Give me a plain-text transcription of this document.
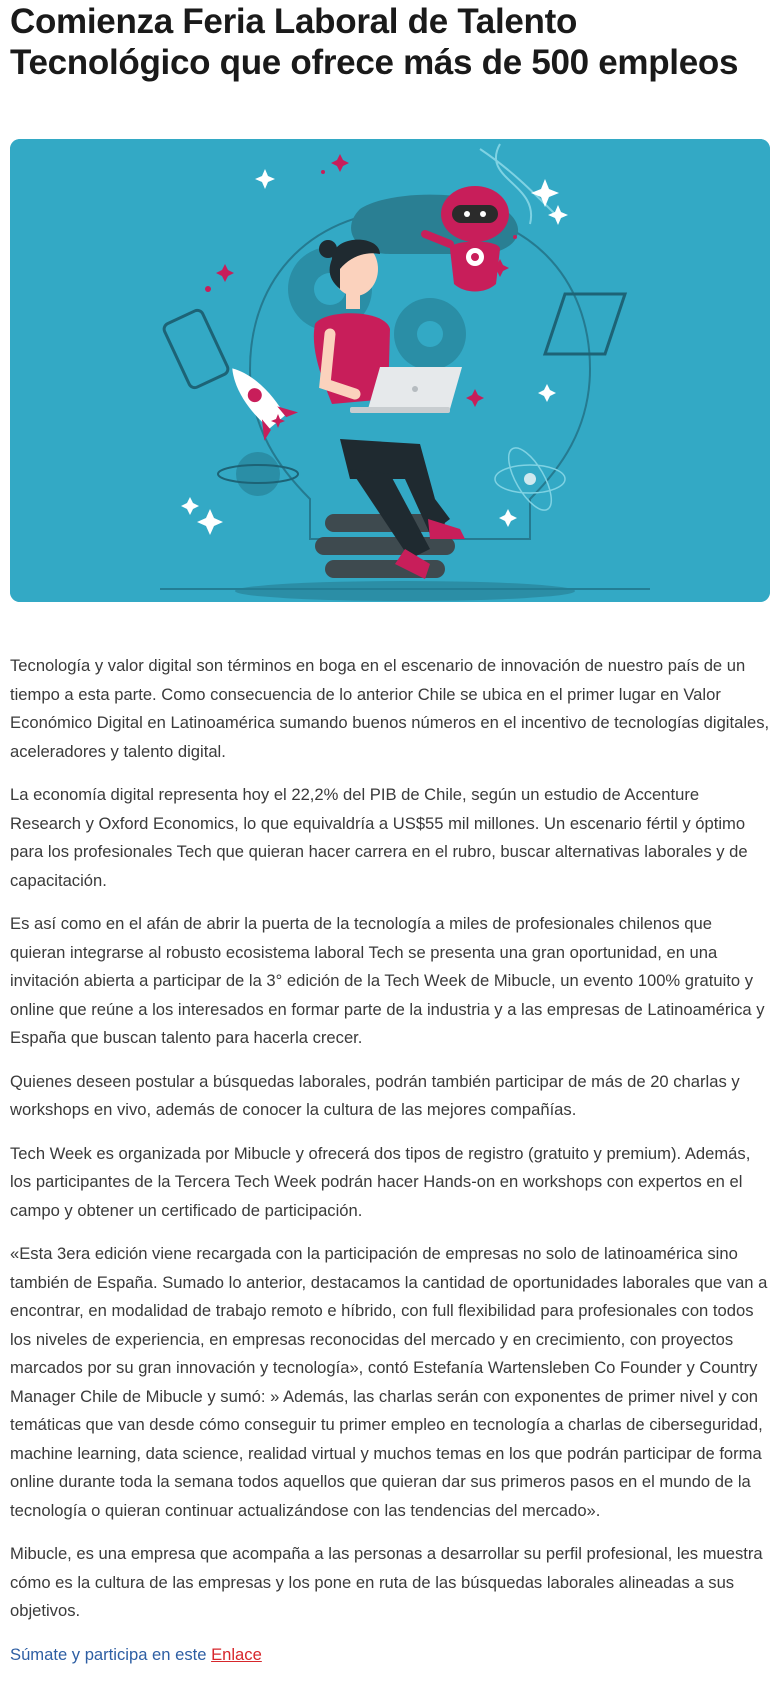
Comienza Feria Laboral de Talento Tecnológico que ofrece más de 500 empleos

Tecnología y valor digital son términos en boga en el escenario de innovación de nuestro país de un tiempo a esta parte. Como consecuencia de lo anterior Chile se ubica en el primer lugar en Valor Económico Digital en Latinoamérica sumando buenos números en el incentivo de tecnologías digitales, aceleradores y talento digital.

La economía digital representa hoy el 22,2% del PIB de Chile, según un estudio de Accenture Research y Oxford Economics, lo que equivaldría a US$55 mil millones. Un escenario fértil y óptimo para los profesionales Tech que quieran hacer carrera en el rubro, buscar alternativas laborales y de capacitación.

Es así como en el afán de abrir la puerta de la tecnología a miles de profesionales chilenos que quieran integrarse al robusto ecosistema laboral Tech se presenta una gran oportunidad, en una invitación abierta a participar de la 3° edición de la Tech Week de Mibucle, un evento 100% gratuito y online que reúne a los interesados en formar parte de la industria y a las empresas de Latinoamérica y España que buscan talento para hacerla crecer.

Quienes deseen postular a búsquedas laborales, podrán también participar de más de 20 charlas y workshops en vivo, además de conocer la cultura de las mejores compañías.

Tech Week es organizada por Mibucle y ofrecerá dos tipos de registro (gratuito y premium). Además, los participantes de la Tercera Tech Week podrán hacer Hands-on en workshops con expertos en el campo y obtener un certificado de participación.

«Esta 3era edición viene recargada con la participación de empresas no solo de latinoamérica sino también de España. Sumado lo anterior, destacamos la cantidad de oportunidades laborales que van a encontrar, en modalidad de trabajo remoto e híbrido, con full flexibilidad para profesionales con todos los niveles de experiencia, en empresas reconocidas del mercado y en crecimiento, con proyectos marcados por su gran innovación y tecnología», contó Estefanía Wartensleben Co Founder y Country Manager Chile de Mibucle y sumó: » Además, las charlas serán con exponentes de primer nivel y con temáticas que van desde cómo conseguir tu primer empleo en tecnología a charlas de ciberseguridad, machine learning, data science, realidad virtual y muchos temas en los que podrán participar de forma online durante toda la semana todos aquellos que quieran dar sus primeros pasos en el mundo de la tecnología o quieran continuar actualizándose con las tendencias del mercado».

Mibucle, es una empresa que acompaña a las personas a desarrollar su perfil profesional, les muestra cómo es la cultura de las empresas y los pone en ruta de las búsquedas laborales alineadas a sus objetivos.

Súmate y participa en este Enlace
